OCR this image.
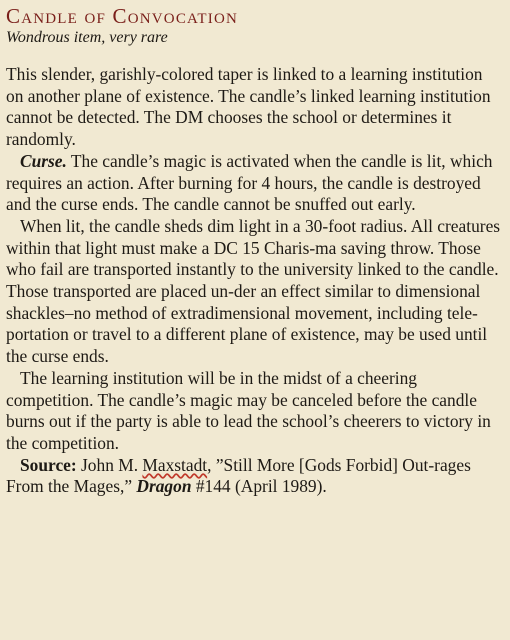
Candle of Convocation
Wondrous item, very rare

This slender, garishly-colored taper is linked to a learning institution on another plane of existence. The candle’s linked learning institution cannot be detected. The DM chooses the school or determines it randomly.

Curse. The candle’s magic is activated when the candle is lit, which requires an action. After burning for 4 hours, the candle is destroyed and the curse ends. The candle cannot be snuffed out early.

When lit, the candle sheds dim light in a 30-foot radius. All creatures within that light must make a DC 15 Charis-ma saving throw. Those who fail are transported instantly to the university linked to the candle. Those transported are placed un-der an effect similar to dimensional shackles–no method of extradimensional movement, including tele-portation or travel to a different plane of existence, may be used until the curse ends.

The learning institution will be in the midst of a cheering competition. The candle’s magic may be canceled before the candle burns out if the party is able to lead the school’s cheerers to victory in the competition.

Source: John M. Maxstadt, ”Still More [Gods Forbid] Out-rages From the Mages,” Dragon #144 (April 1989).
